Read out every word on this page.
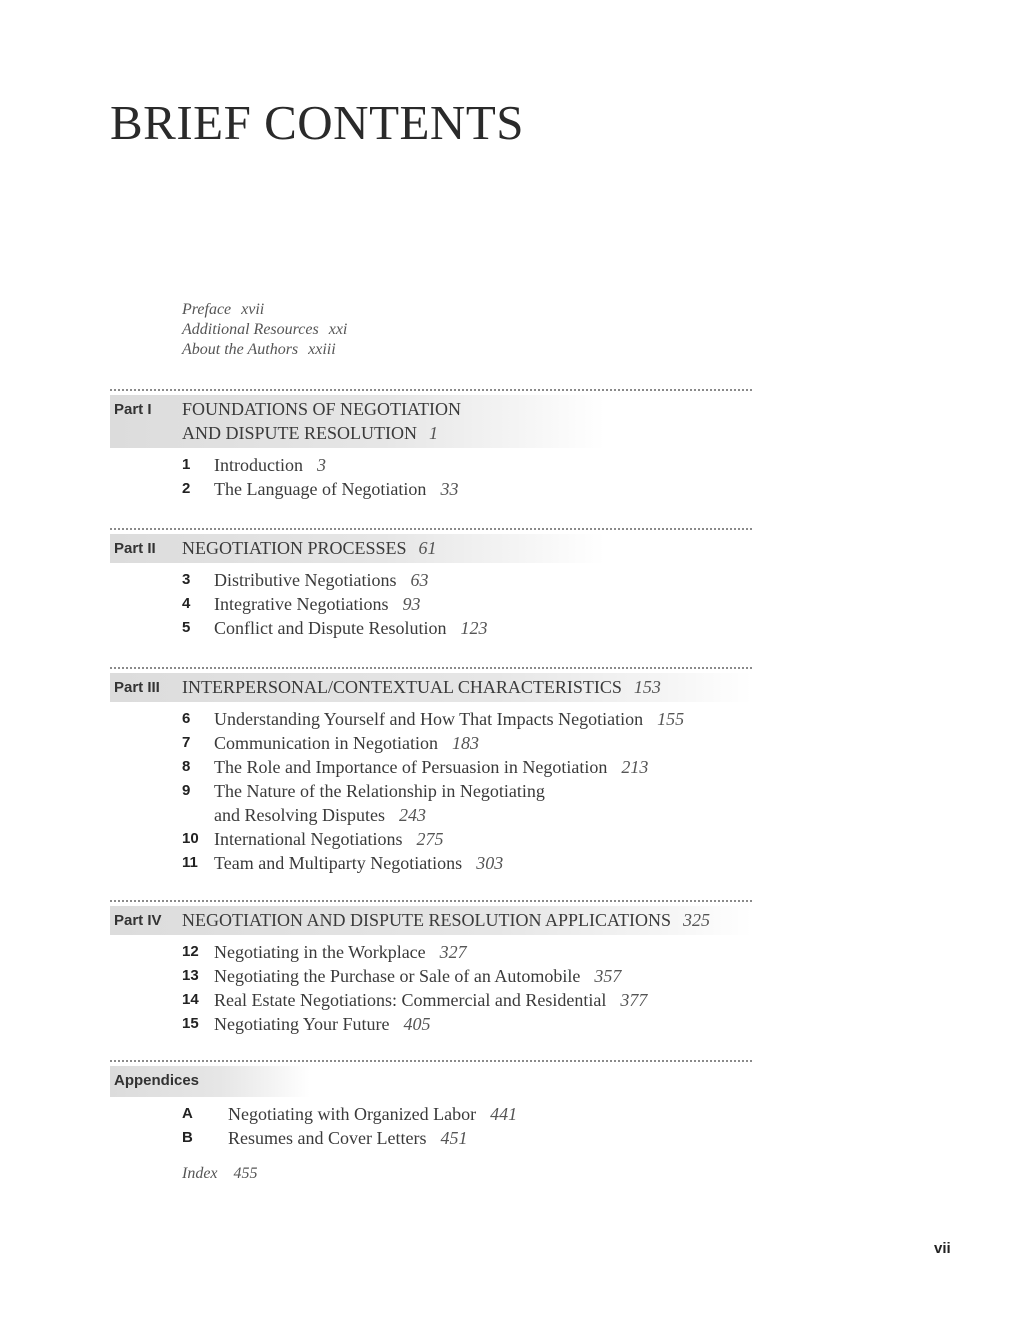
BRIEF CONTENTS
Preface xvii
Additional Resources xxi
About the Authors xxiii
Part I FOUNDATIONS OF NEGOTIATION
AND DISPUTE RESOLUTION 1
1	Introduction 3
2	The Language of Negotiation 33
Part II NEGOTIATION PROCESSES 61
3	Distributive Negotiations 63
4	Integrative Negotiations 93
5	Conflict and Dispute Resolution 123
Part III INTERPERSONAL/CONTEXTUAL CHARACTERISTICS 153
6	Understanding Yourself and How That Impacts Negotiation 155
7	Communication in Negotiation 183
8	The Role and Importance of Persuasion in Negotiation 213
9	The Nature of the Relationship in Negotiating
and Resolving Disputes 243
10 International Negotiations 275
11 Team and Multiparty Negotiations 303
Part IV NEGOTIATION AND DISPUTE RESOLUTION APPLICATIONS 325
12 Negotiating in the Workplace 327
13 Negotiating the Purchase or Sale of an Automobile 357
14 Real Estate Negotiations: Commercial and Residential 377
15 Negotiating Your Future 405
Appendices
A	Negotiating with Organized Labor 441
B	Resumes and Cover Letters 451
Index 455
vii
